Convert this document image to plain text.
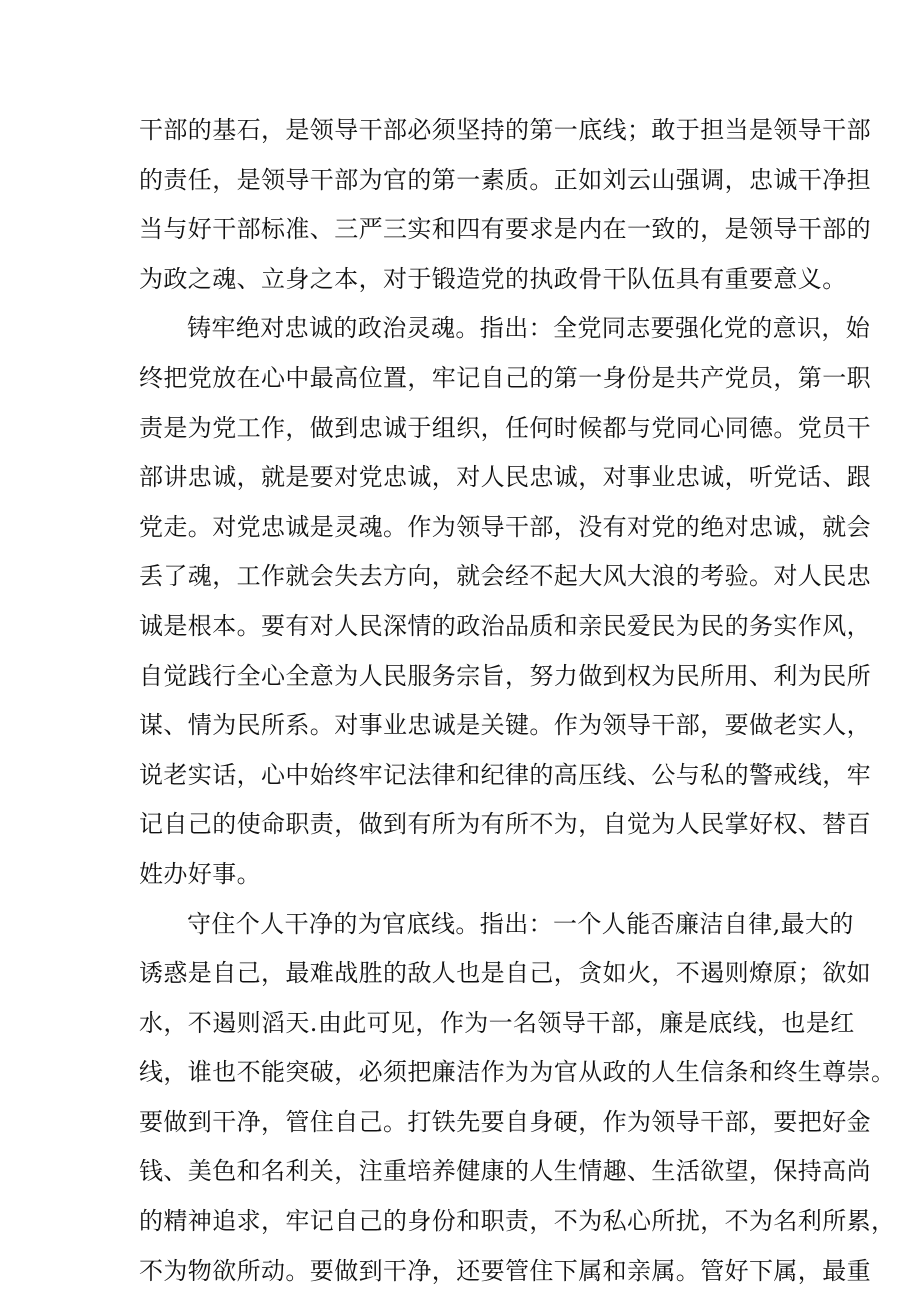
干部的基石，是领导干部必须坚持的第一底线；敢于担当是领导干部
的责任，是领导干部为官的第一素质。正如刘云山强调，忠诚干净担
当与好干部标准、三严三实和四有要求是内在一致的，是领导干部的
为政之魂、立身之本，对于锻造党的执政骨干队伍具有重要意义。
铸牢绝对忠诚的政治灵魂。指出：全党同志要强化党的意识，始
终把党放在心中最高位置，牢记自己的第一身份是共产党员，第一职
责是为党工作，做到忠诚于组织，任何时候都与党同心同德。党员干
部讲忠诚，就是要对党忠诚，对人民忠诚，对事业忠诚，听党话、跟
党走。对党忠诚是灵魂。作为领导干部，没有对党的绝对忠诚，就会
丢了魂，工作就会失去方向，就会经不起大风大浪的考验。对人民忠
诚是根本。要有对人民深情的政治品质和亲民爱民为民的务实作风，
自觉践行全心全意为人民服务宗旨，努力做到权为民所用、利为民所
谋、情为民所系。对事业忠诚是关键。作为领导干部，要做老实人，
说老实话，心中始终牢记法律和纪律的高压线、公与私的警戒线，牢
记自己的使命职责，做到有所为有所不为，自觉为人民掌好权、替百
姓办好事。
守住个人干净的为官底线。指出：一个人能否廉洁自律,最大的
诱惑是自己，最难战胜的敌人也是自己，贪如火，不遏则燎原；欲如
水，不遏则滔天.由此可见，作为一名领导干部，廉是底线，也是红
线，谁也不能突破，必须把廉洁作为为官从政的人生信条和终生尊崇。
要做到干净，管住自己。打铁先要自身硬，作为领导干部，要把好金
钱、美色和名利关，注重培养健康的人生情趣、生活欲望，保持高尚
的精神追求，牢记自己的身份和职责，不为私心所扰，不为名利所累，
不为物欲所动。要做到干净，还要管住下属和亲属。管好下属，最重
